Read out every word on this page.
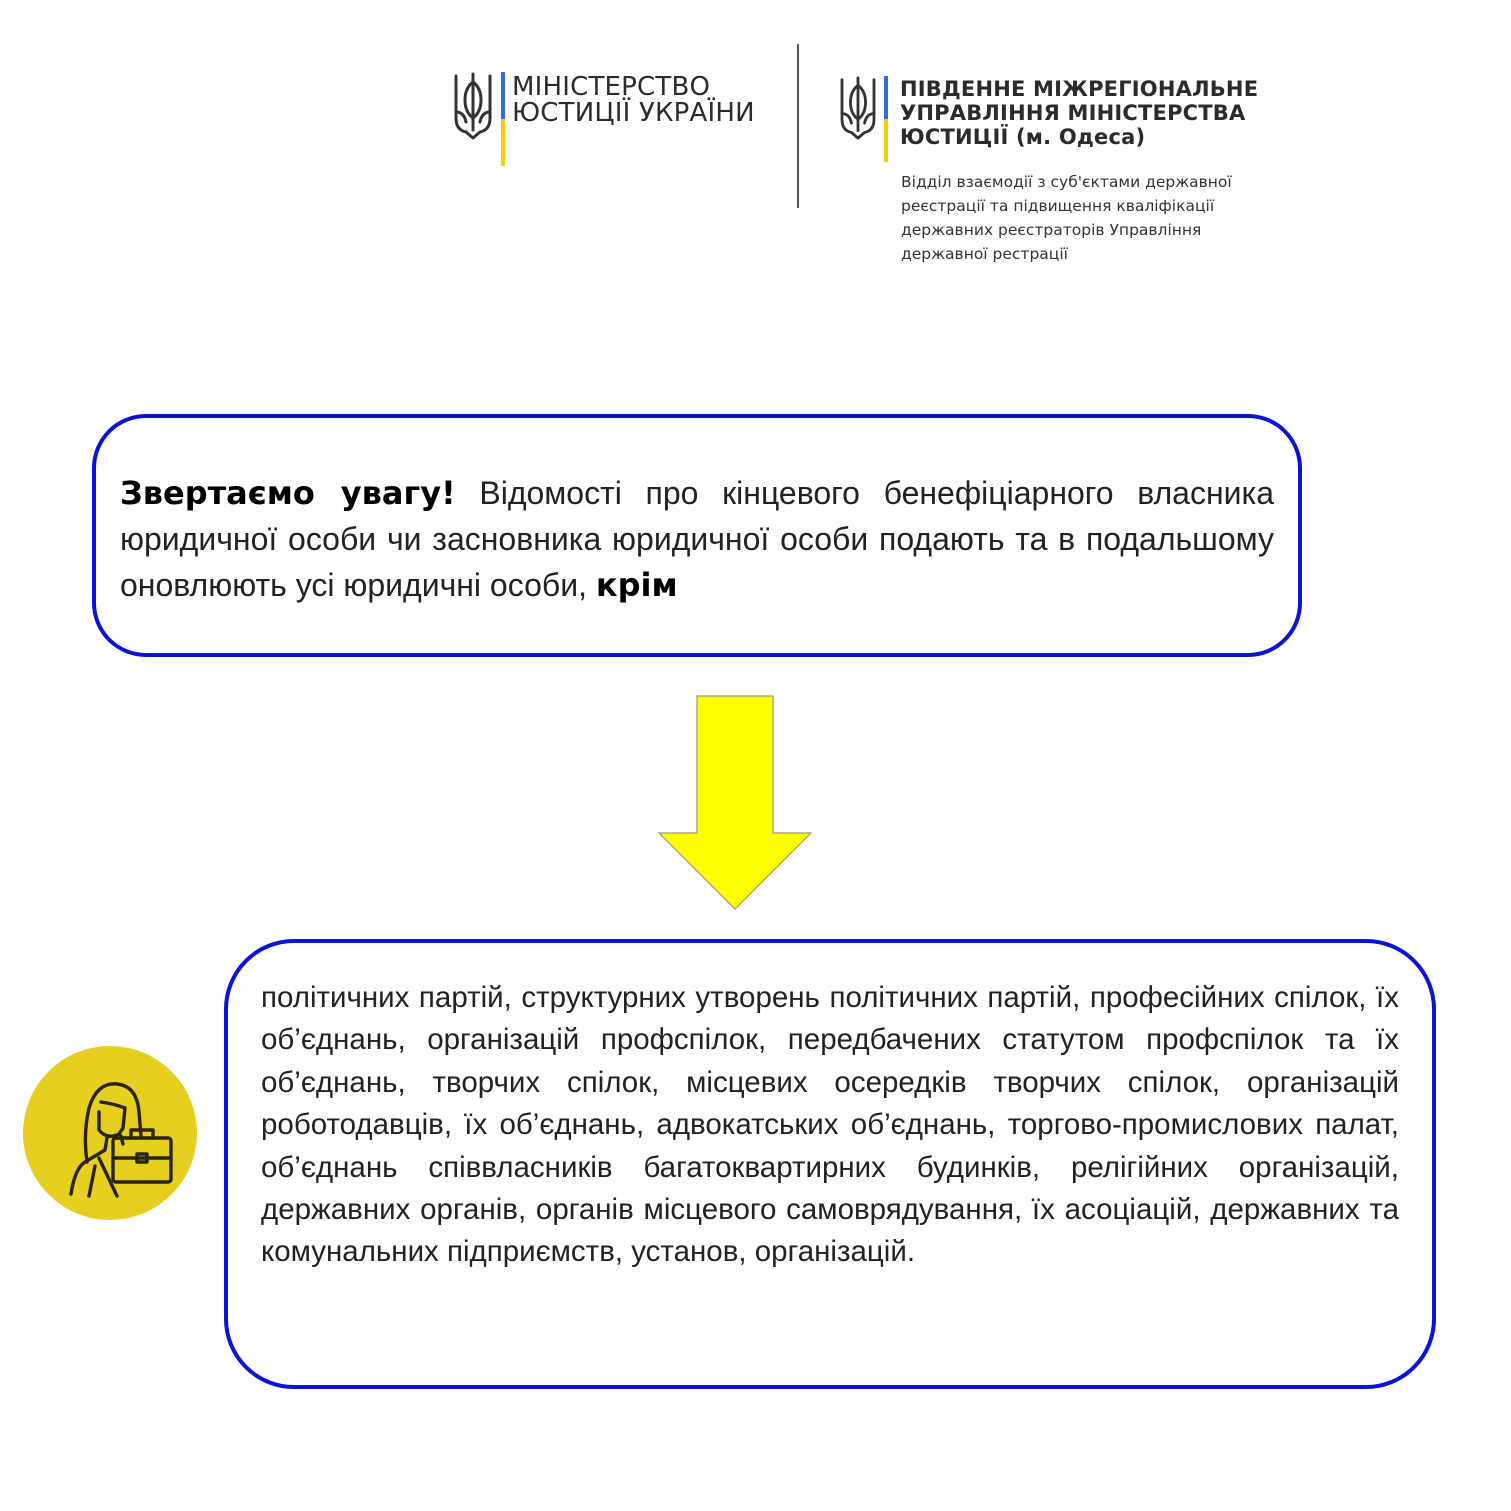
МІНІСТЕРСТВО
ЮСТИЦІЇ УКРАЇНИ
ПІВДЕННЕ МІЖРЕГІОНАЛЬНЕ
УПРАВЛІННЯ МІНІСТЕРСТВА
ЮСТИЦІЇ (м. Одеса)
Відділ взаємодії з суб'єктами державної
реєстрації та підвищення кваліфікації
державних реєстраторів Управління
державної рестрації
Звертаємо увагу! Відомості про кінцевого бенефіціарного власника юридичної особи чи засновника юридичної особи подають та в подальшому оновлюють усі юридичні особи, крім
політичних партій, структурних утворень політичних партій, професійних спілок, їх об’єднань, організацій профспілок, передбачених статутом профспілок та їх об’єднань, творчих спілок, місцевих осередків творчих спілок, організацій роботодавців, їх об’єднань, адвокатських об’єднань, торгово-промислових палат, об’єднань співвласників багатоквартирних будинків, релігійних організацій, державних органів, органів місцевого самоврядування, їх асоціацій, державних та комунальних підприємств, установ, організацій.
